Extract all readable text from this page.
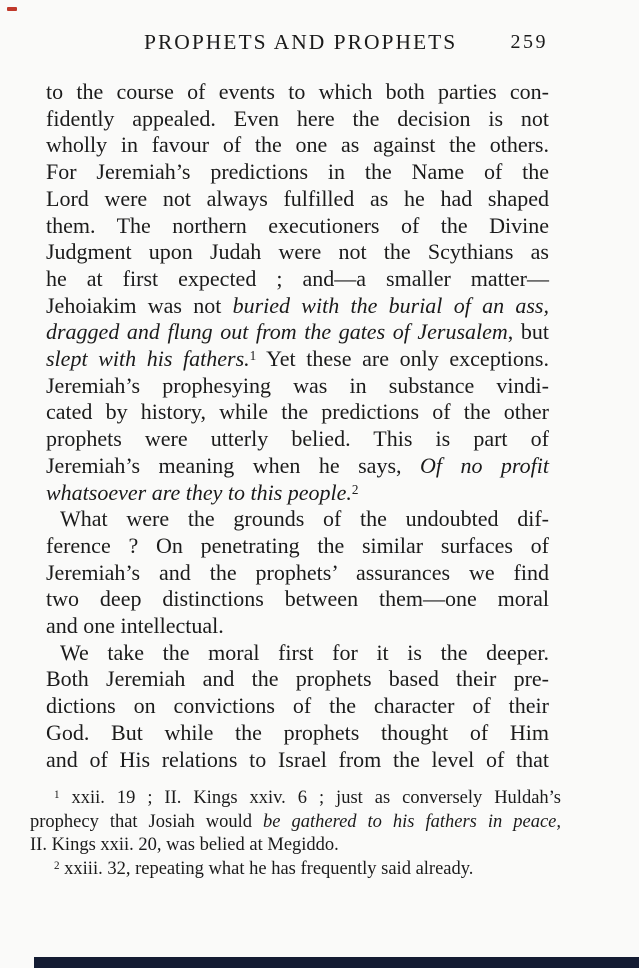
PROPHETS AND PROPHETS	259
to the course of events to which both parties con-
fidently appealed. Even here the decision is not
wholly in favour of the one as against the others.
For Jeremiah’s predictions in the Name of the
Lord were not always fulfilled as he had shaped
them. The northern executioners of the Divine
Judgment upon Judah were not the Scythians as
he at first expected ; and—a smaller matter—
Jehoiakim was not buried with the burial of an ass,
dragged and flung out from the gates of Jerusalem, but
slept with his fathers.$^1$ Yet these are only exceptions.
Jeremiah’s prophesying was in substance vindi-
cated by history, while the predictions of the other
prophets were utterly belied. This is part of
Jeremiah’s meaning when he says, Of no profit
whatsoever are they to this people.$^2$
What were the grounds of the undoubted dif-
ference ? On penetrating the similar surfaces of
Jeremiah’s and the prophets’ assurances we find
two deep distinctions between them—one moral
and one intellectual.
We take the moral first for it is the deeper.
Both Jeremiah and the prophets based their pre-
dictions on convictions of the character of their
God. But while the prophets thought of Him
and of His relations to Israel from the level of that
$^1$ xxii. 19 ; II. Kings xxiv. 6 ; just as conversely Huldah’s
prophecy that Josiah would be gathered to his fathers in peace,
II. Kings xxii. 20, was belied at Megiddo.
$^2$ xxiii. 32, repeating what he has frequently said already.
